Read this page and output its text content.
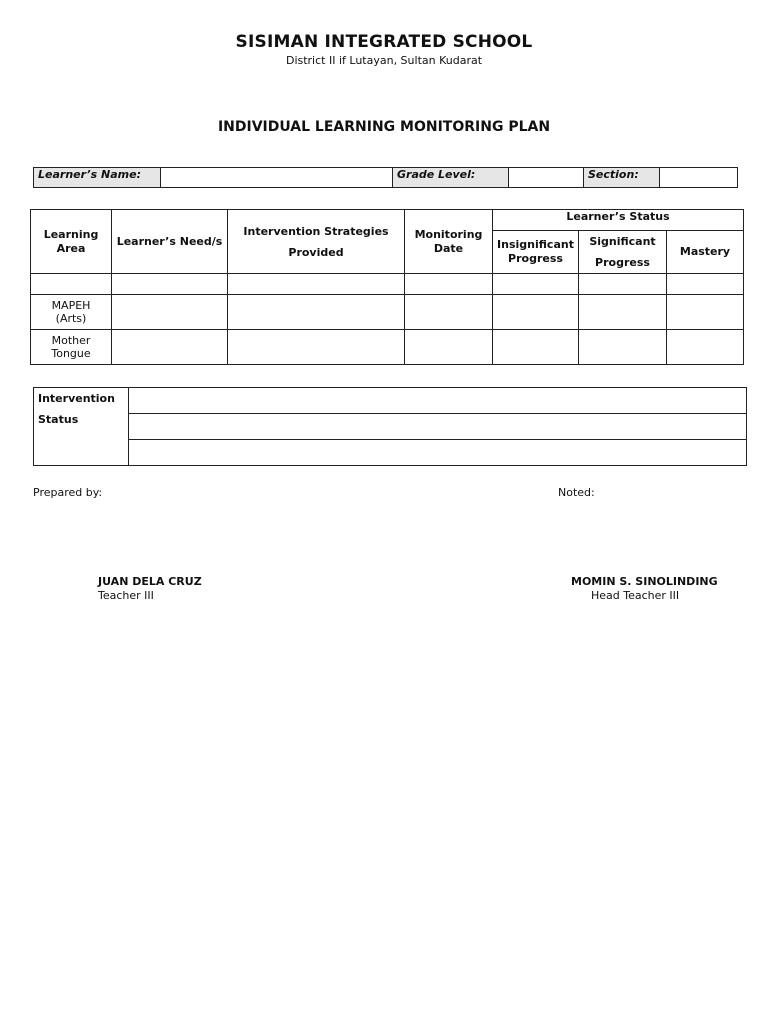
SISIMAN INTEGRATED SCHOOL
District II if Lutayan, Sultan Kudarat
INDIVIDUAL LEARNING MONITORING PLAN
Learner’s Name:		Grade Level:		Section:	
Learning Area	Learner’s Need/s	Intervention Strategies Provided	Monitoring Date	Learner’s Status		
				Insignificant Progress	Significant Progress	Mastery

MAPEH (Arts)						
Mother Tongue						
Intervention Status	

Prepared by:	Noted:
JUAN DELA CRUZ
Teacher III
MOMIN S. SINOLINDING
Head Teacher III
